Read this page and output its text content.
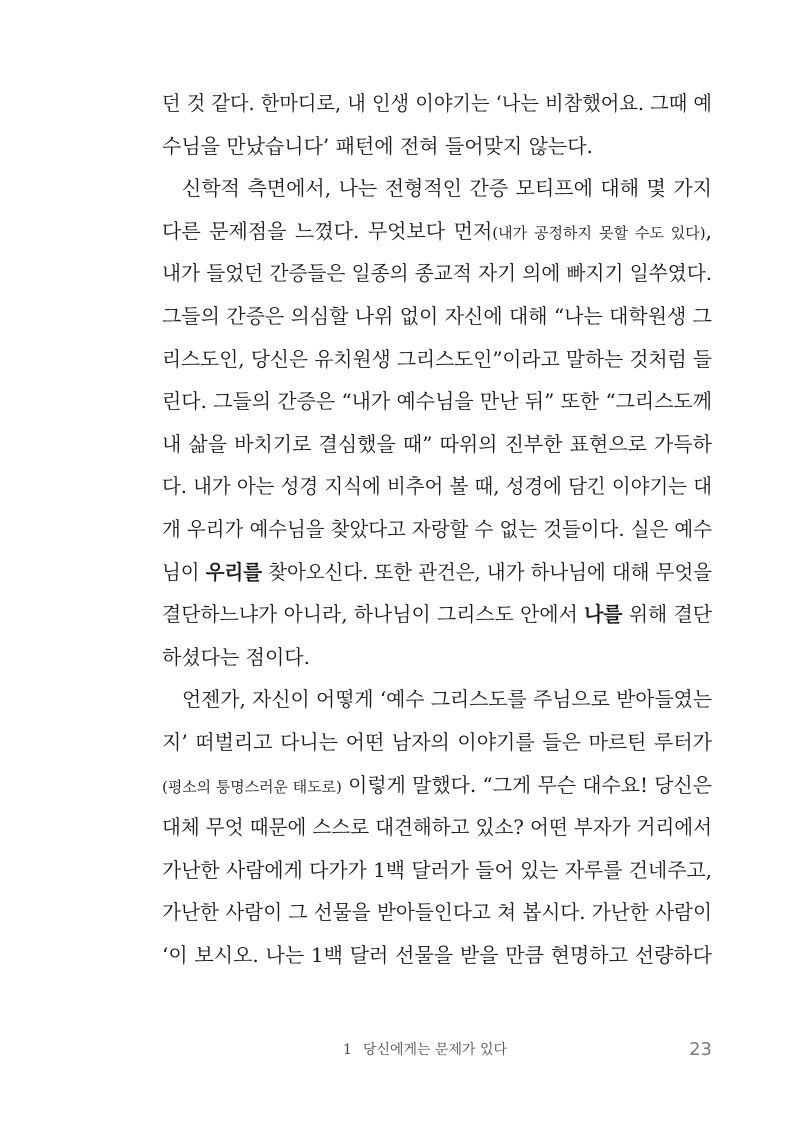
던 것 같다. 한마디로, 내 인생 이야기는 ‘나는 비참했어요. 그때 예
수님을 만났습니다’ 패턴에 전혀 들어맞지 않는다.
신학적 측면에서, 나는 전형적인 간증 모티프에 대해 몇 가지
다른 문제점을 느꼈다. 무엇보다 먼저(내가 공정하지 못할 수도 있다),
내가 들었던 간증들은 일종의 종교적 자기 의에 빠지기 일쑤였다.
그들의 간증은 의심할 나위 없이 자신에 대해 “나는 대학원생 그
리스도인, 당신은 유치원생 그리스도인”이라고 말하는 것처럼 들
린다. 그들의 간증은 “내가 예수님을 만난 뒤” 또한 “그리스도께
내 삶을 바치기로 결심했을 때” 따위의 진부한 표현으로 가득하
다. 내가 아는 성경 지식에 비추어 볼 때, 성경에 담긴 이야기는 대
개 우리가 예수님을 찾았다고 자랑할 수 없는 것들이다. 실은 예수
님이 우리를 찾아오신다. 또한 관건은, 내가 하나님에 대해 무엇을
결단하느냐가 아니라, 하나님이 그리스도 안에서 나를 위해 결단
하셨다는 점이다.
언젠가, 자신이 어떻게 ‘예수 그리스도를 주님으로 받아들였는
지’ 떠벌리고 다니는 어떤 남자의 이야기를 들은 마르틴 루터가
(평소의 퉁명스러운 태도로) 이렇게 말했다. “그게 무슨 대수요! 당신은
대체 무엇 때문에 스스로 대견해하고 있소? 어떤 부자가 거리에서
가난한 사람에게 다가가 1백 달러가 들어 있는 자루를 건네주고,
가난한 사람이 그 선물을 받아들인다고 쳐 봅시다. 가난한 사람이
‘이 보시오. 나는 1백 달러 선물을 받을 만큼 현명하고 선량하다
1 당신에게는 문제가 있다	23
